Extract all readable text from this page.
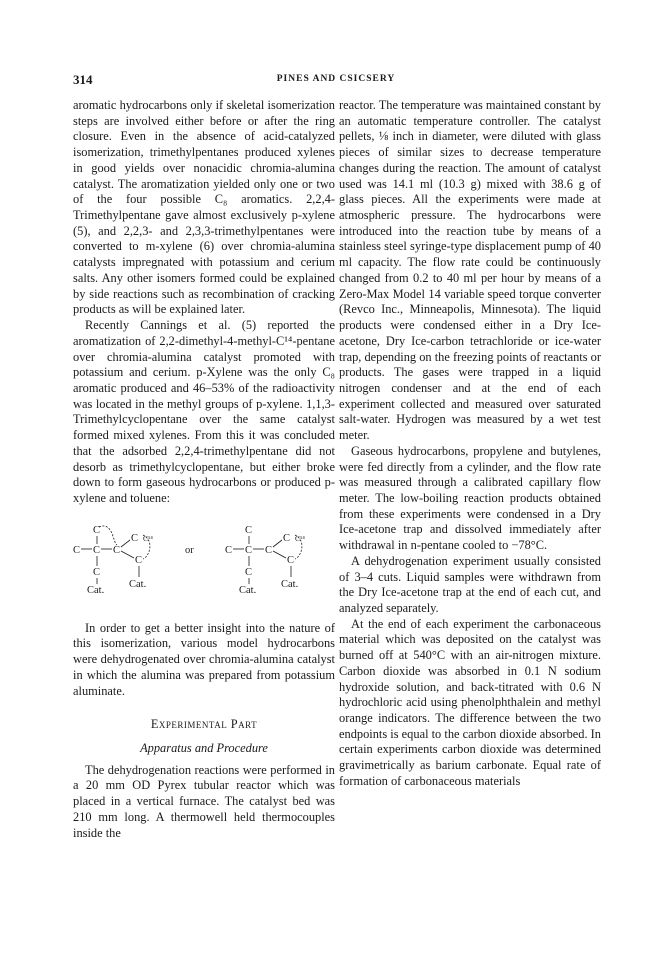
314	PINES AND CSICSERY

aromatic hydrocarbons only if skeletal isomerization steps are involved either before or after the ring closure. Even in the absence of acid-catalyzed isomerization, trimethylpentanes produced xylenes in good yields over nonacidic chromia-alumina catalyst. The aromatization yielded only one or two of the four possible C₈ aromatics. 2,2,4-Trimethylpentane gave almost exclusively p-xylene (5), and 2,2,3- and 2,3,3-trimethylpentanes were converted to m-xylene (6) over chromia-alumina catalysts impregnated with potassium and cerium salts. Any other isomers formed could be explained by side reactions such as recombination of cracking products as will be explained later.

Recently Cannings et al. (5) reported the aromatization of 2,2-dimethyl-4-methyl-C¹⁴-pentane over chromia-alumina catalyst promoted with potassium and cerium. p-Xylene was the only C₈ aromatic produced and 46–53% of the radioactivity was located in the methyl groups of p-xylene. 1,1,3-Trimethylcyclopentane over the same catalyst formed mixed xylenes. From this it was concluded that the adsorbed 2,2,4-trimethylpentane did not desorb as trimethylcyclopentane, but either broke down to form gaseous hydrocarbons or produced p-xylene and toluene:

C
C C C
C C¹⁴
C
C
Cat.
Cat.
or
C
C C C
C C¹⁴
C
C
Cat.
Cat.

In order to get a better insight into the nature of this isomerization, various model hydrocarbons were dehydrogenated over chromia-alumina catalyst in which the alumina was prepared from potassium aluminate.

Experimental Part
Apparatus and Procedure

The dehydrogenation reactions were performed in a 20 mm OD Pyrex tubular reactor which was placed in a vertical furnace. The catalyst bed was 210 mm long. A thermowell held thermocouples inside the

reactor. The temperature was maintained constant by an automatic temperature controller. The catalyst pellets, ⅛ inch in diameter, were diluted with glass pieces of similar sizes to decrease temperature changes during the reaction. The amount of catalyst used was 14.1 ml (10.3 g) mixed with 38.6 g of glass pieces. All the experiments were made at atmospheric pressure. The hydrocarbons were introduced into the reaction tube by means of a stainless steel syringe-type displacement pump of 40 ml capacity. The flow rate could be continuously changed from 0.2 to 40 ml per hour by means of a Zero-Max Model 14 variable speed torque converter (Revco Inc., Minneapolis, Minnesota). The liquid products were condensed either in a Dry Ice-acetone, Dry Ice-carbon tetrachloride or ice-water trap, depending on the freezing points of reactants or products. The gases were trapped in a liquid nitrogen condenser and at the end of each experiment collected and measured over saturated salt-water. Hydrogen was measured by a wet test meter.

Gaseous hydrocarbons, propylene and butylenes, were fed directly from a cylinder, and the flow rate was measured through a calibrated capillary flow meter. The low-boiling reaction products obtained from these experiments were condensed in a Dry Ice-acetone trap and dissolved immediately after withdrawal in n-pentane cooled to −78°C.

A dehydrogenation experiment usually consisted of 3–4 cuts. Liquid samples were withdrawn from the Dry Ice-acetone trap at the end of each cut, and analyzed separately.

At the end of each experiment the carbonaceous material which was deposited on the catalyst was burned off at 540°C with an air-nitrogen mixture. Carbon dioxide was absorbed in 0.1 N sodium hydroxide solution, and back-titrated with 0.6 N hydrochloric acid using phenolphthalein and methyl orange indicators. The difference between the two endpoints is equal to the carbon dioxide absorbed. In certain experiments carbon dioxide was determined gravimetrically as barium carbonate. Equal rate of formation of carbonaceous materials
